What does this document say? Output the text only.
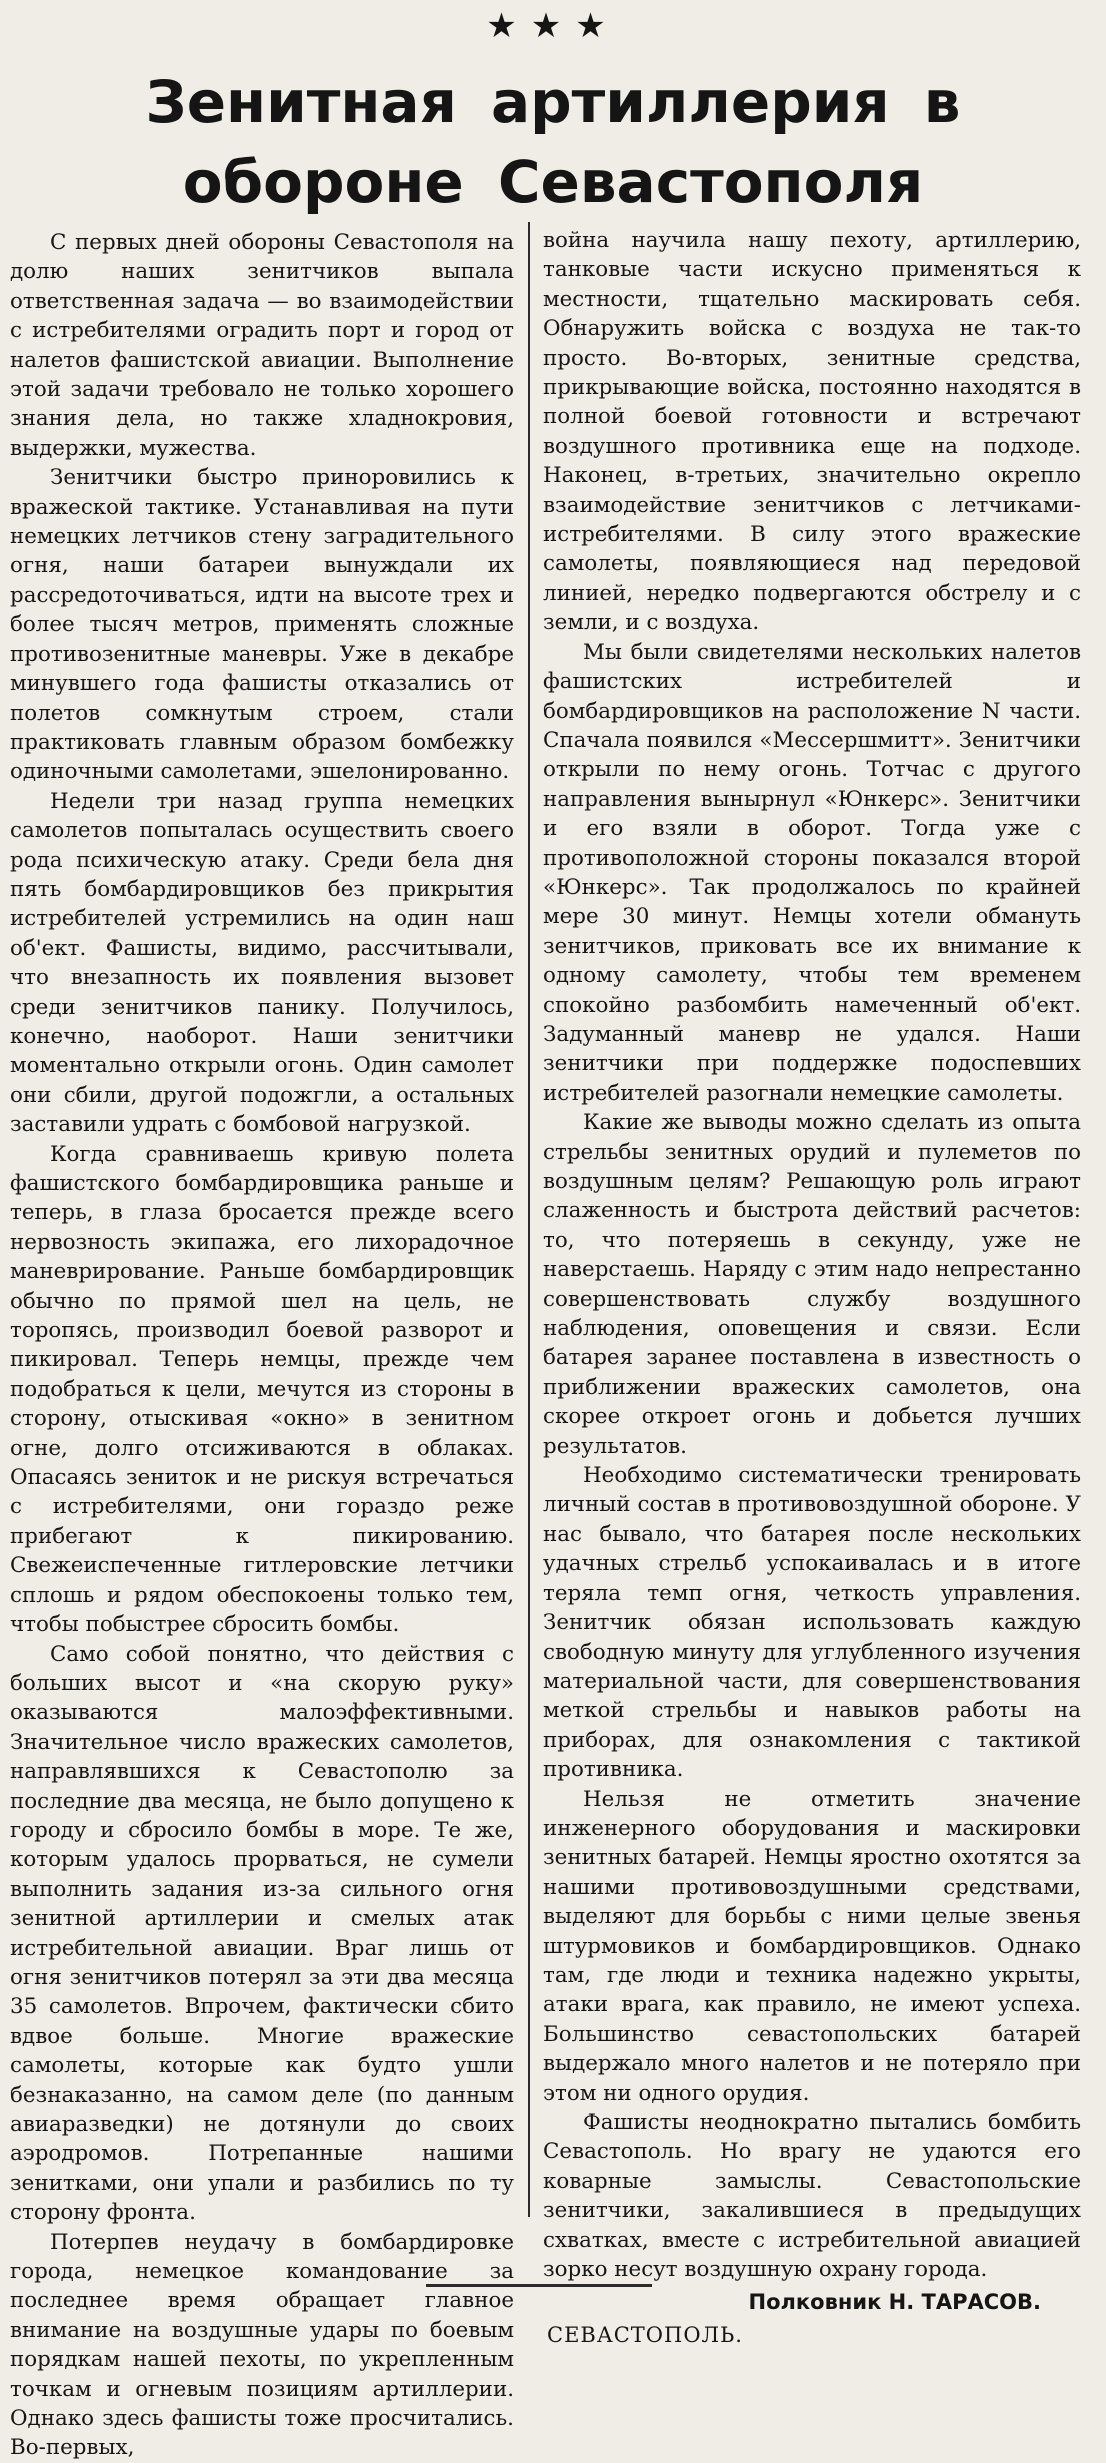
★★★
Зенитная артиллерия в
обороне Севастополя

С первых дней обороны Севастополя на долю наших зенитчиков выпала ответственная задача — во взаимодействии с истребителями оградить порт и город от налетов фашистской авиации. Выполнение этой задачи требовало не только хорошего знания дела, но также хладнокровия, выдержки, мужества.

Зенитчики быстро приноровились к вражеской тактике. Устанавливая на пути немецких летчиков стену заградительного огня, наши батареи вынуждали их рассредоточиваться, идти на высоте трех и более тысяч метров, применять сложные противозенитные маневры. Уже в декабре минувшего года фашисты отказались от полетов сомкнутым строем, стали практиковать главным образом бомбежку одиночными самолетами, эшелонированно.

Недели три назад группа немецких самолетов попыталась осуществить своего рода психическую атаку. Среди бела дня пять бомбардировщиков без прикрытия истребителей устремились на один наш об'ект. Фашисты, видимо, рассчитывали, что внезапность их появления вызовет среди зенитчиков панику. Получилось, конечно, наоборот. Наши зенитчики моментально открыли огонь. Один самолет они сбили, другой подожгли, а остальных заставили удрать с бомбовой нагрузкой.

Когда сравниваешь кривую полета фашистского бомбардировщика раньше и теперь, в глаза бросается прежде всего нервозность экипажа, его лихорадочное маневрирование. Раньше бомбардировщик обычно по прямой шел на цель, не торопясь, производил боевой разворот и пикировал. Теперь немцы, прежде чем подобраться к цели, мечутся из стороны в сторону, отыскивая «окно» в зенитном огне, долго отсиживаются в облаках. Опасаясь зениток и не рискуя встречаться с истребителями, они гораздо реже прибегают к пикированию. Свежеиспеченные гитлеровские летчики сплошь и рядом обеспокоены только тем, чтобы побыстрее сбросить бомбы.

Само собой понятно, что действия с больших высот и «на скорую руку» оказываются малоэффективными. Значительное число вражеских самолетов, направлявшихся к Севастополю за последние два месяца, не было допущено к городу и сбросило бомбы в море. Те же, которым удалось прорваться, не сумели выполнить задания из-за сильного огня зенитной артиллерии и смелых атак истребительной авиации. Враг лишь от огня зенитчиков потерял за эти два месяца 35 самолетов. Впрочем, фактически сбито вдвое больше. Многие вражеские самолеты, которые как будто ушли безнаказанно, на самом деле (по данным авиаразведки) не дотянули до своих аэродромов. Потрепанные нашими зенитками, они упали и разбились по ту сторону фронта.

Потерпев неудачу в бомбардировке города, немецкое командование за последнее время обращает главное внимание на воздушные удары по боевым порядкам нашей пехоты, по укрепленным точкам и огневым позициям артиллерии. Однако здесь фашисты тоже просчитались. Во-первых,

война научила нашу пехоту, артиллерию, танковые части искусно применяться к местности, тщательно маскировать себя. Обнаружить войска с воздуха не так-то просто. Во-вторых, зенитные средства, прикрывающие войска, постоянно находятся в полной боевой готовности и встречают воздушного противника еще на подходе. Наконец, в-третьих, значительно окрепло взаимодействие зенитчиков с летчиками-истребителями. В силу этого вражеские самолеты, появляющиеся над передовой линией, нередко подвергаются обстрелу и с земли, и с воздуха.

Мы были свидетелями нескольких налетов фашистских истребителей и бомбардировщиков на расположение N части. Спачала появился «Мессершмитт». Зенитчики открыли по нему огонь. Тотчас с другого направления вынырнул «Юнкерс». Зенитчики и его взяли в оборот. Тогда уже с противоположной стороны показался второй «Юнкерс». Так продолжалось по крайней мере 30 минут. Немцы хотели обмануть зенитчиков, приковать все их внимание к одному самолету, чтобы тем временем спокойно разбомбить намеченный об'ект. Задуманный маневр не удался. Наши зенитчики при поддержке подоспевших истребителей разогнали немецкие самолеты.

Какие же выводы можно сделать из опыта стрельбы зенитных орудий и пулеметов по воздушным целям? Решающую роль играют слаженность и быстрота действий расчетов: то, что потеряешь в секунду, уже не наверстаешь. Наряду с этим надо непрестанно совершенствовать службу воздушного наблюдения, оповещения и связи. Если батарея заранее поставлена в известность о приближении вражеских самолетов, она скорее откроет огонь и добьется лучших результатов.

Необходимо систематически тренировать личный состав в противовоздушной обороне. У нас бывало, что батарея после нескольких удачных стрельб успокаивалась и в итоге теряла темп огня, четкость управления. Зенитчик обязан использовать каждую свободную минуту для углубленного изучения материальной части, для совершенствования меткой стрельбы и навыков работы на приборах, для ознакомления с тактикой противника.

Нельзя не отметить значение инженерного оборудования и маскировки зенитных батарей. Немцы яростно охотятся за нашими противовоздушными средствами, выделяют для борьбы с ними целые звенья штурмовиков и бомбардировщиков. Однако там, где люди и техника надежно укрыты, атаки врага, как правило, не имеют успеха. Большинство севастопольских батарей выдержало много налетов и не потеряло при этом ни одного орудия.

Фашисты неоднократно пытались бомбить Севастополь. Но врагу не удаются его коварные замыслы. Севастопольские зенитчики, закалившиеся в предыдущих схватках, вместе с истребительной авиацией зорко несут воздушную охрану города.

Полковник Н. ТАРАСОВ.
СЕВАСТОПОЛЬ.
